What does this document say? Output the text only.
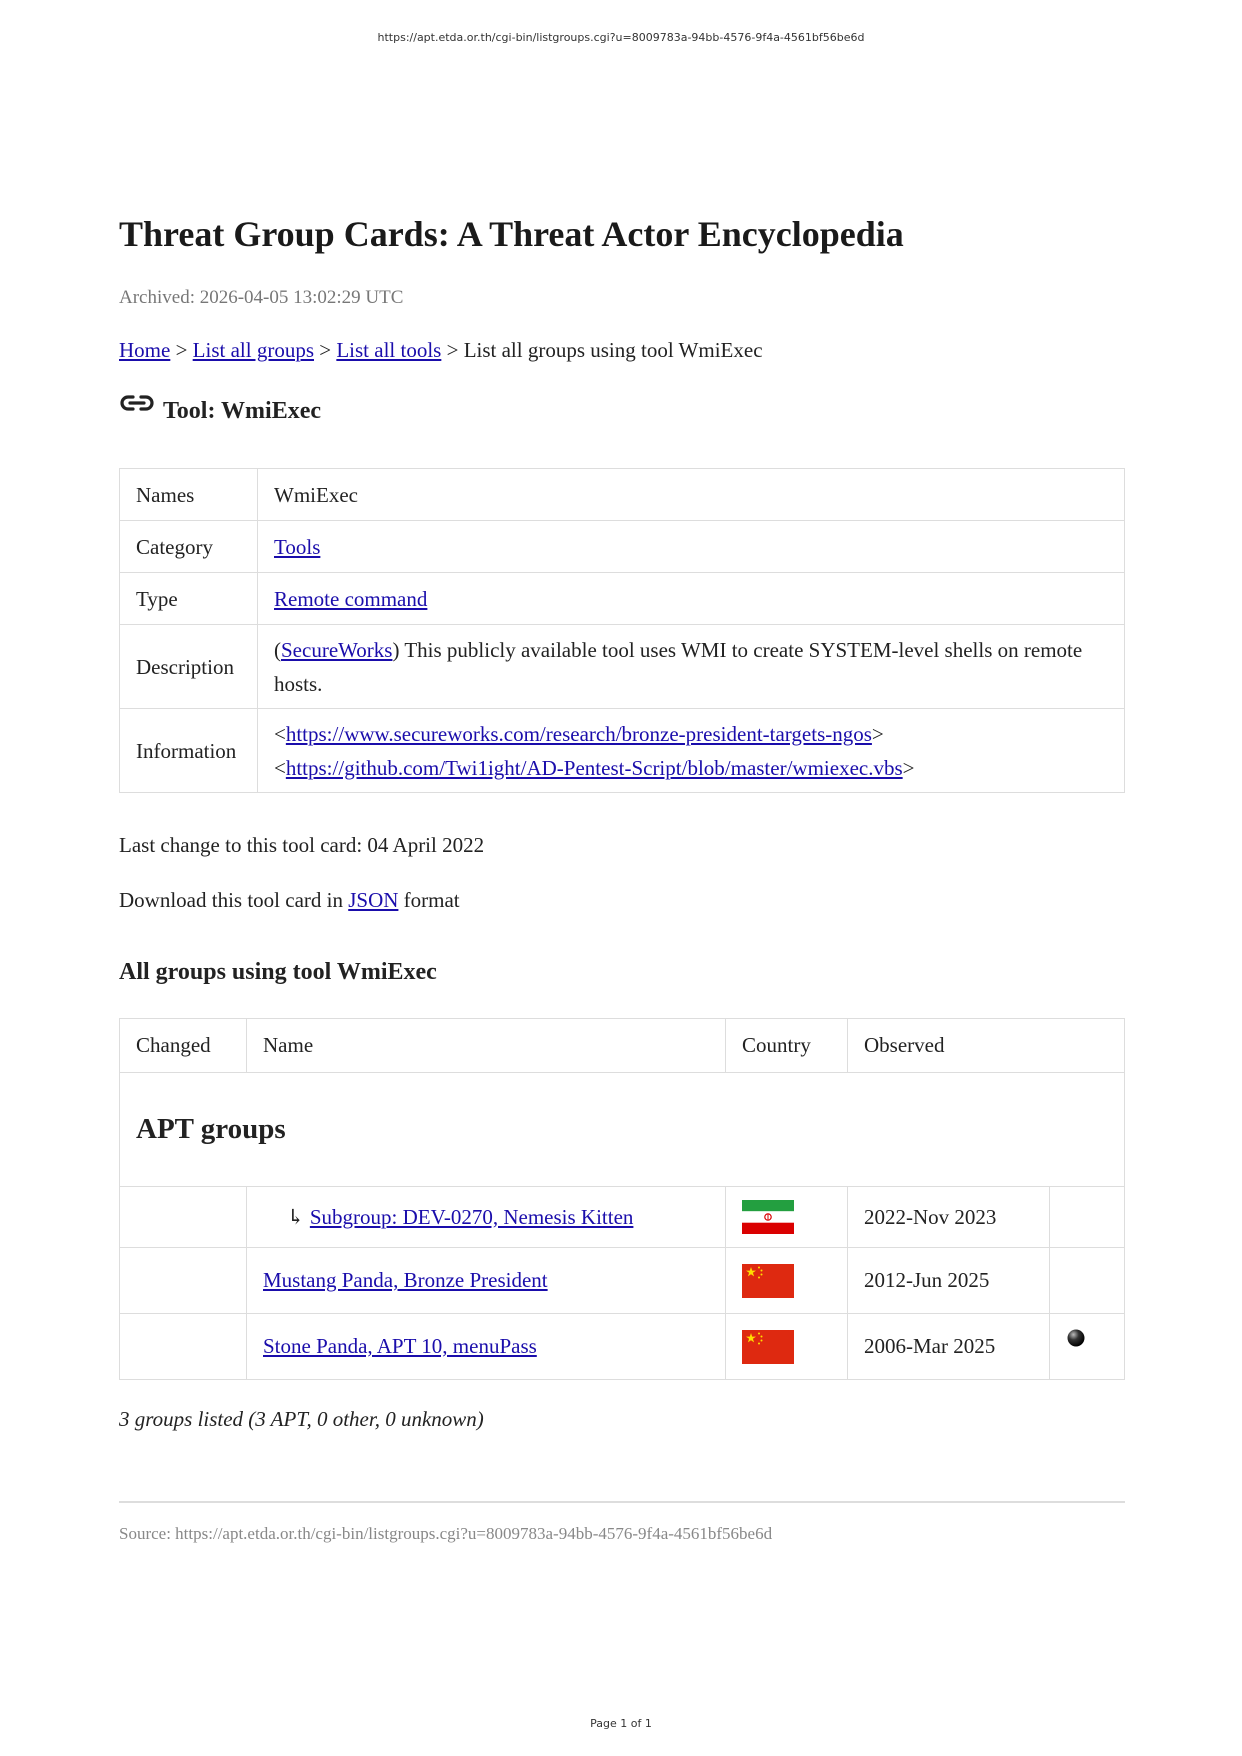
https://apt.etda.or.th/cgi-bin/listgroups.cgi?u=8009783a-94bb-4576-9f4a-4561bf56be6d
Threat Group Cards: A Threat Actor Encyclopedia
Archived: 2026-04-05 13:02:29 UTC
Home > List all groups > List all tools > List all groups using tool WmiExec
Tool: WmiExec
Names	WmiExec
Category	Tools
Type	Remote command
Description	(SecureWorks) This publicly available tool uses WMI to create SYSTEM-level shells on remote hosts.
Information	<https://www.secureworks.com/research/bronze-president-targets-ngos>
<https://github.com/Twi1ight/AD-Pentest-Script/blob/master/wmiexec.vbs>
Last change to this tool card: 04 April 2022
Download this tool card in JSON format
All groups using tool WmiExec
Changed	Name	Country	Observed	
APT groups				
	↳ Subgroup: DEV-0270, Nemesis Kitten		2022-Nov 2023	
	Mustang Panda, Bronze President		2012-Jun 2025	
	Stone Panda, APT 10, menuPass		2006-Mar 2025	
3 groups listed (3 APT, 0 other, 0 unknown)
Source: https://apt.etda.or.th/cgi-bin/listgroups.cgi?u=8009783a-94bb-4576-9f4a-4561bf56be6d
Page 1 of 1
